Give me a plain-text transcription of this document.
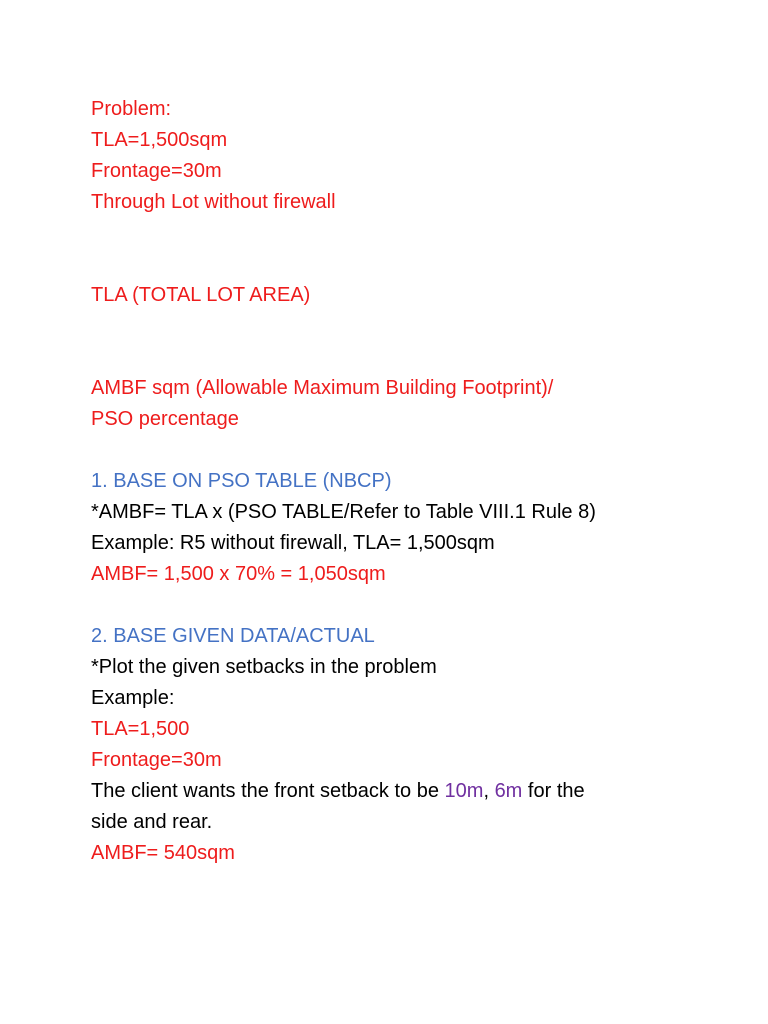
Problem:
TLA=1,500sqm
Frontage=30m
Through Lot without firewall
TLA (TOTAL LOT AREA)
AMBF sqm (Allowable Maximum Building Footprint)/
PSO percentage
1. BASE ON PSO TABLE (NBCP)
*AMBF= TLA x (PSO TABLE/Refer to Table VIII.1 Rule 8)
Example: R5 without firewall, TLA= 1,500sqm
AMBF= 1,500 x 70% = 1,050sqm
2. BASE GIVEN DATA/ACTUAL
*Plot the given setbacks in the problem
Example:
TLA=1,500
Frontage=30m
The client wants the front setback to be 10m, 6m for the
side and rear.
AMBF= 540sqm
